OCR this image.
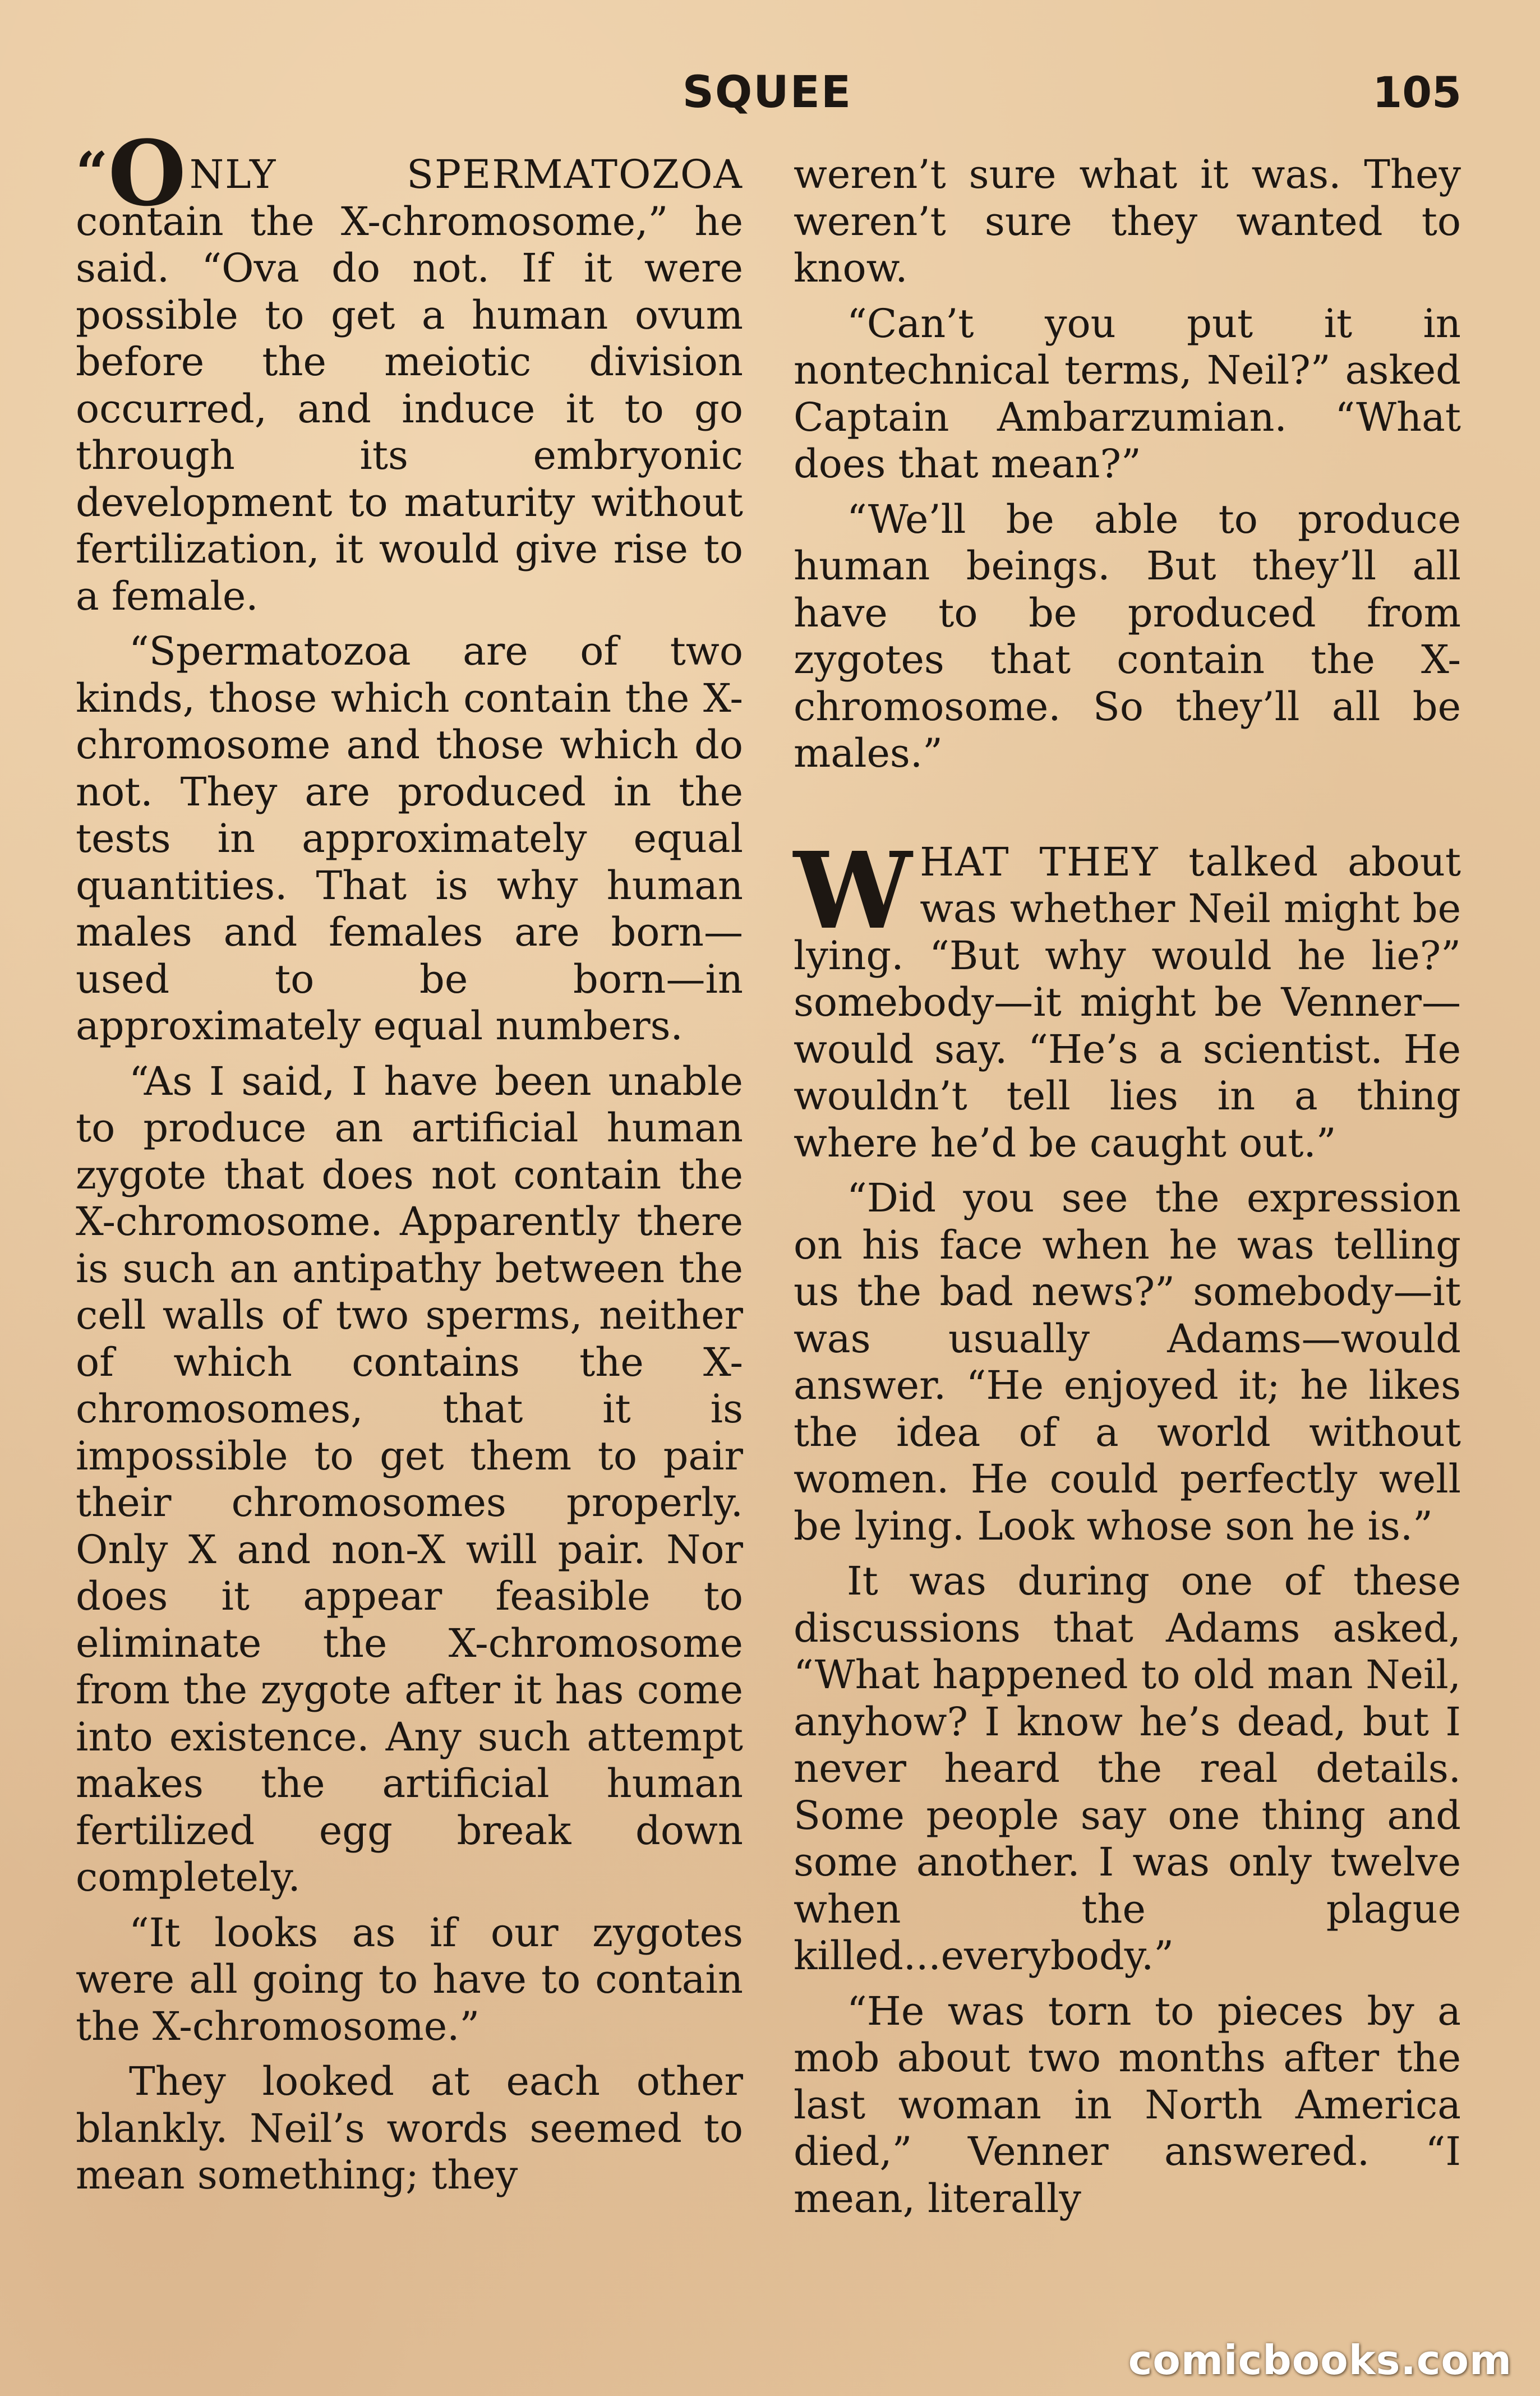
SQUEE	105

“ONLY SPERMATOZOA contain the X-chromosome,” he said. “Ova do not. If it were possible to get a human ovum before the meiotic division occurred, and induce it to go through its embryonic development to maturity without fertilization, it would give rise to a female.

“Spermatozoa are of two kinds, those which contain the X-chromosome and those which do not. They are produced in the tests in approximately equal quantities. That is why human males and females are born—used to be born—in approximately equal numbers.

“As I said, I have been unable to produce an artificial human zygote that does not contain the X-chromosome. Apparently there is such an antipathy between the cell walls of two sperms, neither of which contains the X-chromosomes, that it is impossible to get them to pair their chromosomes properly. Only X and non-X will pair. Nor does it appear feasible to eliminate the X-chromosome from the zygote after it has come into existence. Any such attempt makes the artificial human fertilized egg break down completely.

“It looks as if our zygotes were all going to have to contain the X-chromosome.”

They looked at each other blankly. Neil’s words seemed to mean something; they

weren’t sure what it was. They weren’t sure they wanted to know.

“Can’t you put it in nontechnical terms, Neil?” asked Captain Ambarzumian. “What does that mean?”

“We’ll be able to produce human beings. But they’ll all have to be produced from zygotes that contain the X-chromosome. So they’ll all be males.”

WHAT THEY talked about was whether Neil might be lying. “But why would he lie?” somebody—it might be Venner—would say. “He’s a scientist. He wouldn’t tell lies in a thing where he’d be caught out.”

“Did you see the expression on his face when he was telling us the bad news?” somebody—it was usually Adams—would answer. “He enjoyed it; he likes the idea of a world without women. He could perfectly well be lying. Look whose son he is.”

It was during one of these discussions that Adams asked, “What happened to old man Neil, anyhow? I know he’s dead, but I never heard the real details. Some people say one thing and some another. I was only twelve when the plague killed...everybody.”

“He was torn to pieces by a mob about two months after the last woman in North America died,” Venner answered. “I mean, literally

comicbooks.com
